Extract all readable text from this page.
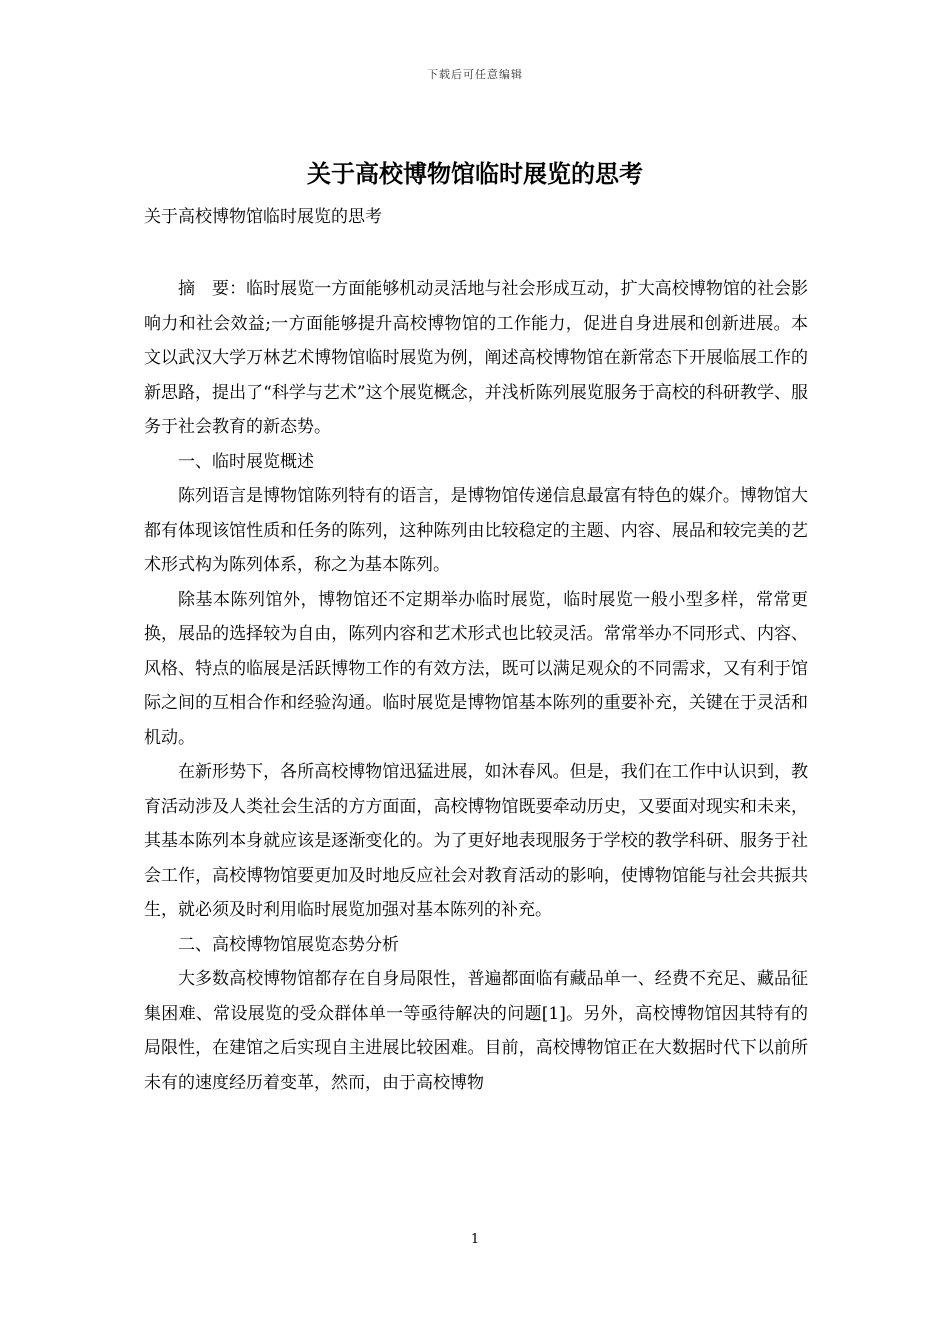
下载后可任意编辑
关于高校博物馆临时展览的思考
关于高校博物馆临时展览的思考

摘　要：临时展览一方面能够机动灵活地与社会形成互动，扩大高校博物馆的社会影响力和社会效益;一方面能够提升高校博物馆的工作能力，促进自身进展和创新进展。本文以武汉大学万林艺术博物馆临时展览为例，阐述高校博物馆在新常态下开展临展工作的新思路，提出了“科学与艺术”这个展览概念，并浅析陈列展览服务于高校的科研教学、服务于社会教育的新态势。

一、临时展览概述

陈列语言是博物馆陈列特有的语言，是博物馆传递信息最富有特色的媒介。博物馆大都有体现该馆性质和任务的陈列，这种陈列由比较稳定的主题、内容、展品和较完美的艺术形式构为陈列体系，称之为基本陈列。

除基本陈列馆外，博物馆还不定期举办临时展览，临时展览一般小型多样，常常更换，展品的选择较为自由，陈列内容和艺术形式也比较灵活。常常举办不同形式、内容、风格、特点的临展是活跃博物工作的有效方法，既可以满足观众的不同需求，又有利于馆际之间的互相合作和经验沟通。临时展览是博物馆基本陈列的重要补充，关键在于灵活和机动。

在新形势下，各所高校博物馆迅猛进展，如沐春风。但是，我们在工作中认识到，教育活动涉及人类社会生活的方方面面，高校博物馆既要牵动历史，又要面对现实和未来，其基本陈列本身就应该是逐渐变化的。为了更好地表现服务于学校的教学科研、服务于社会工作，高校博物馆要更加及时地反应社会对教育活动的影响，使博物馆能与社会共振共生，就必须及时利用临时展览加强对基本陈列的补充。

二、高校博物馆展览态势分析

大多数高校博物馆都存在自身局限性，普遍都面临有藏品单一、经费不充足、藏品征集困难、常设展览的受众群体单一等亟待解决的问题[1]。另外，高校博物馆因其特有的局限性，在建馆之后实现自主进展比较困难。目前，高校博物馆正在大数据时代下以前所未有的速度经历着变革，然而，由于高校博物

1
